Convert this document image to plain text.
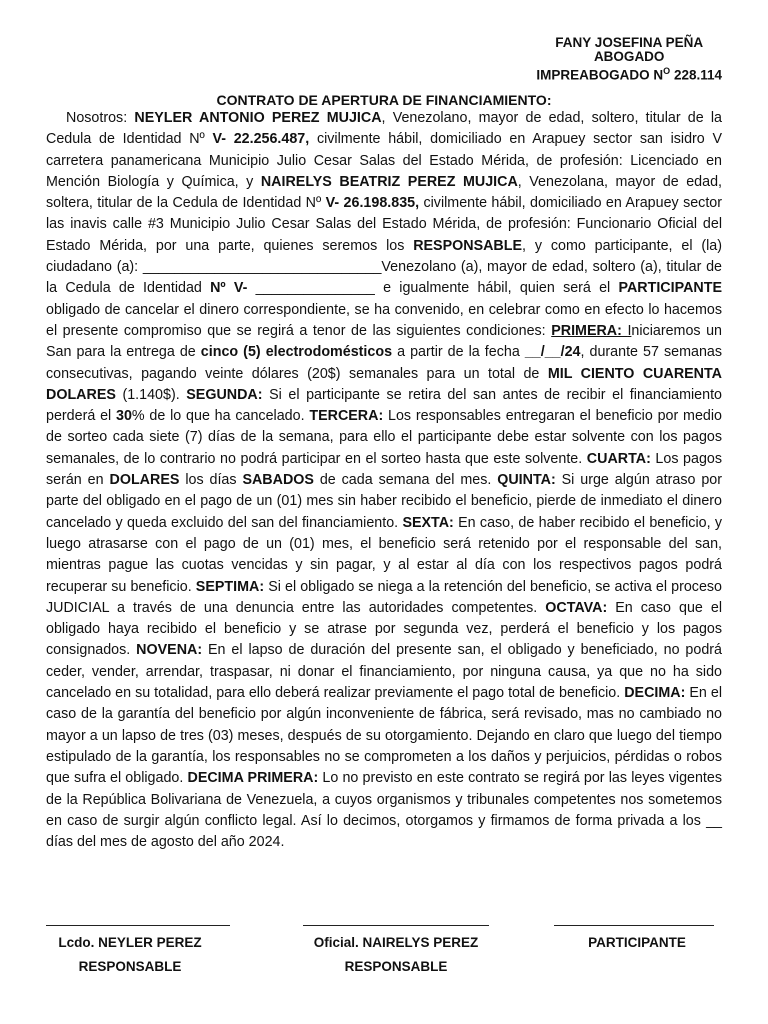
FANY JOSEFINA PEÑA
ABOGADO
IMPREABOGADO $N^O$ 228.114
CONTRATO DE APERTURA DE FINANCIAMIENTO:

Nosotros: NEYLER ANTONIO PEREZ MUJICA, Venezolano, mayor de edad, soltero, titular de la Cedula de Identidad Nº V- 22.256.487, civilmente hábil, domiciliado en Arapuey sector san isidro V carretera panamericana Municipio Julio Cesar Salas del Estado Mérida, de profesión: Licenciado en Mención Biología y Química, y NAIRELYS BEATRIZ PEREZ MUJICA, Venezolana, mayor de edad, soltera, titular de la Cedula de Identidad Nº V- 26.198.835, civilmente hábil, domiciliado en Arapuey sector las inavis calle #3 Municipio Julio Cesar Salas del Estado Mérida, de profesión: Funcionario Oficial del Estado Mérida, por una parte, quienes seremos los RESPONSABLE, y como participante, el (la) ciudadano (a): ______________________________Venezolano (a), mayor de edad, soltero (a), titular de la Cedula de Identidad Nº V- _______________ e igualmente hábil, quien será el PARTICIPANTE obligado de cancelar el dinero correspondiente, se ha convenido, en celebrar como en efecto lo hacemos el presente compromiso que se regirá a tenor de las siguientes condiciones: PRIMERA: Iniciaremos un San para la entrega de cinco (5) electrodomésticos a partir de la fecha __/__/24, durante 57 semanas consecutivas, pagando veinte dólares (20$) semanales para un total de MIL CIENTO CUARENTA DOLARES (1.140$). SEGUNDA: Si el participante se retira del san antes de recibir el financiamiento perderá el 30% de lo que ha cancelado. TERCERA: Los responsables entregaran el beneficio por medio de sorteo cada siete (7) días de la semana, para ello el participante debe estar solvente con los pagos semanales, de lo contrario no podrá participar en el sorteo hasta que este solvente. CUARTA: Los pagos serán en DOLARES los días SABADOS de cada semana del mes. QUINTA: Si urge algún atraso por parte del obligado en el pago de un (01) mes sin haber recibido el beneficio, pierde de inmediato el dinero cancelado y queda excluido del san del financiamiento. SEXTA: En caso, de haber recibido el beneficio, y luego atrasarse con el pago de un (01) mes, el beneficio será retenido por el responsable del san, mientras pague las cuotas vencidas y sin pagar, y al estar al día con los respectivos pagos podrá recuperar su beneficio. SEPTIMA: Si el obligado se niega a la retención del beneficio, se activa el proceso JUDICIAL a través de una denuncia entre las autoridades competentes. OCTAVA: En caso que el obligado haya recibido el beneficio y se atrase por segunda vez, perderá el beneficio y los pagos consignados. NOVENA: En el lapso de duración del presente san, el obligado y beneficiado, no podrá ceder, vender, arrendar, traspasar, ni donar el financiamiento, por ninguna causa, ya que no ha sido cancelado en su totalidad, para ello deberá realizar previamente el pago total de beneficio. DECIMA: En el caso de la garantía del beneficio por algún inconveniente de fábrica, será revisado, mas no cambiado no mayor a un lapso de tres (03) meses, después de su otorgamiento. Dejando en claro que luego del tiempo estipulado de la garantía, los responsables no se comprometen a los daños y perjuicios, pérdidas o robos que sufra el obligado. DECIMA PRIMERA: Lo no previsto en este contrato se regirá por las leyes vigentes de la República Bolivariana de Venezuela, a cuyos organismos y tribunales competentes nos sometemos en caso de surgir algún conflicto legal. Así lo decimos, otorgamos y firmamos de forma privada a los __ días del mes de agosto del año 2024.

Lcdo. NEYLER PEREZ
RESPONSABLE
Oficial. NAIRELYS PEREZ
RESPONSABLE
PARTICIPANTE
